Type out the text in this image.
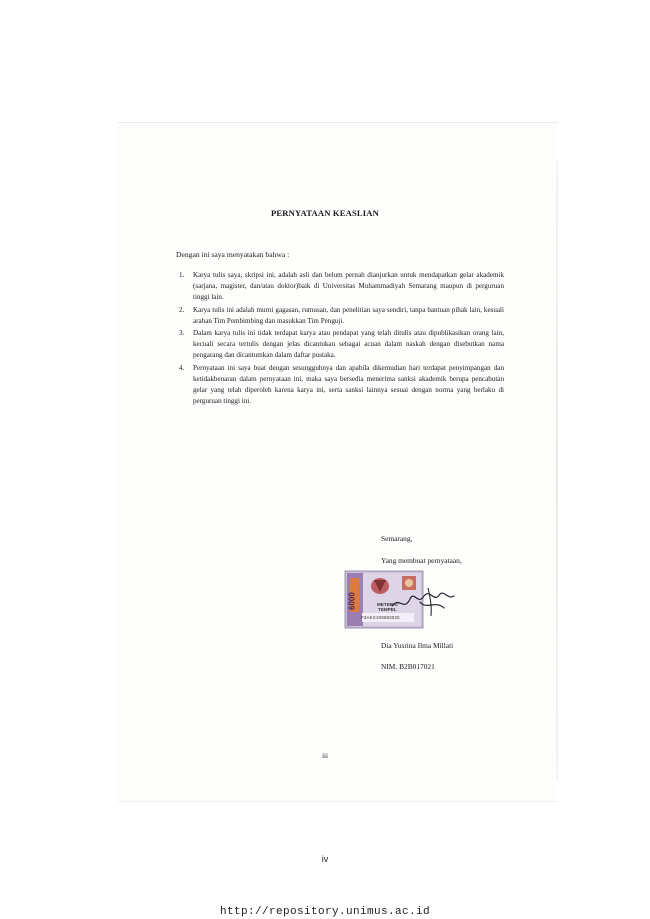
PERNYATAAN KEASLIAN
Dengan ini saya menyatakan bahwa :
1. Karya tulis saya, skripsi ini, adalah asli dan belum pernah dianjurkan untuk mendapatkan gelar akademik (sarjana, magister, dan/atau doktor)baik di Universitas Muhammadiyah Semarang maupun di perguruan tinggi lain.
2. Karya tulis ini adalah murni gagasan, rumusan, dan penelitian saya sendiri, tanpa bantuan pihak lain, kesuali arahan Tim Pembimbing dan masukkan Tim Penguji.
3. Dalam karya tulis ini tidak terdapat karya atau pendapat yang telah ditulis atau dipublikasikan orang lain, kecuali secara tertulis dengan jelas dicantukan sebagai acuan dalam naskah dengan disebutkan nama pengarang dan dicantumkan dalam daftar pustaka.
4. Pernyataan ini saya buat dengan sesungguhnya dan apabila dikemudian hari terdapat penyimpangan dan ketidakbenaran dalam pernyataan ini, maka saya bersedia menerima sanksi akademik berupa pencabutan gelar yang telah diperoleh karena karya ini, serta sanksi lainnya sesuai dengan norma yang berlaku di perguruan tinggi ini.
Semarang,
Yang membuat pernyataan,
6000	METERAI
TEMPEL
F3AKX108683020
Dia Yusrina Ilma Millati
NIM. B2B017021
iii
iv
http://repository.unimus.ac.id
